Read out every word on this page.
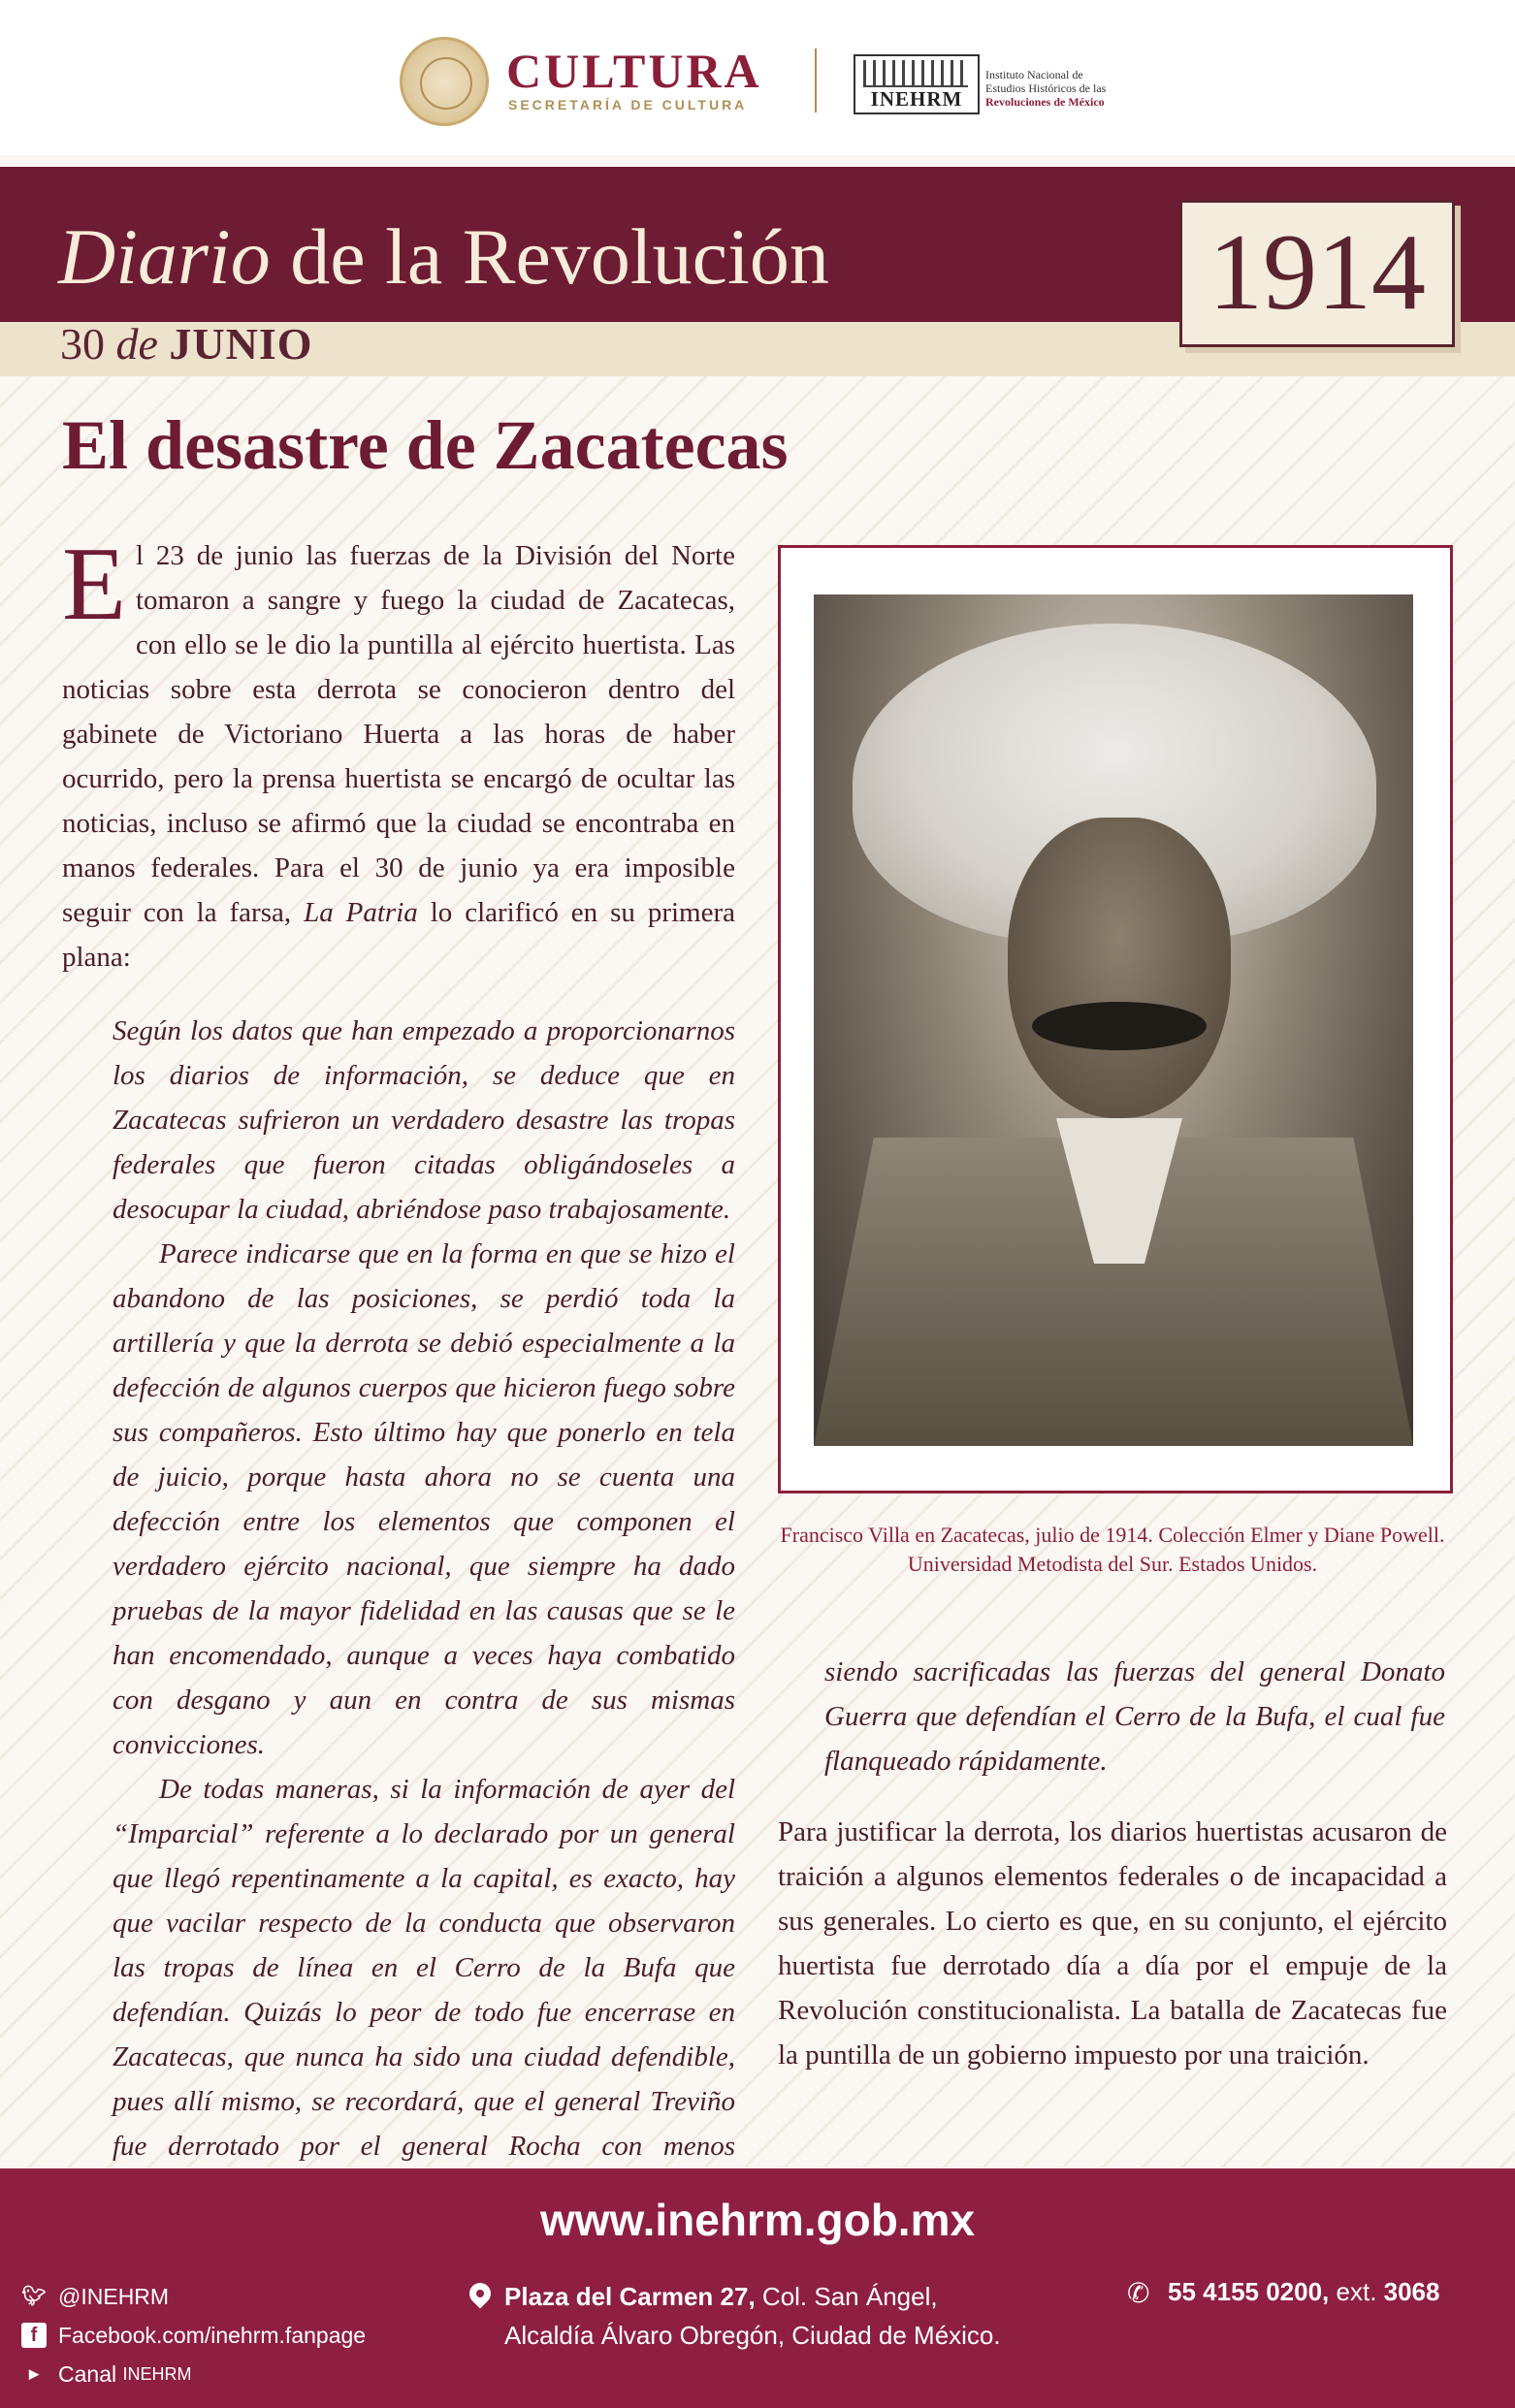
CULTURA
SECRETARÍA DE CULTURA	INEHRM
Instituto Nacional de
Estudios Históricos de las
Revoluciones de México
Diario de la Revolución
30 de JUNIO
1914
El desastre de Zacatecas

El 23 de junio las fuerzas de la División del Norte tomaron a sangre y fuego la ciudad de Zacatecas, con ello se le dio la puntilla al ejército huertista. Las noticias sobre esta derrota se conocieron dentro del gabinete de Victoriano Huerta a las horas de haber ocurrido, pero la prensa huertista se encargó de ocultar las noticias, incluso se afirmó que la ciudad se encontraba en manos federales. Para el 30 de junio ya era imposible seguir con la farsa, La Patria lo clarificó en su primera plana:

Según los datos que han empezado a proporcionarnos los diarios de información, se deduce que en Zacatecas sufrieron un verdadero desastre las tropas federales que fueron citadas obligándoseles a desocupar la ciudad, abriéndose paso trabajosamente.

Parece indicarse que en la forma en que se hizo el abandono de las posiciones, se perdió toda la artillería y que la derrota se debió especialmente a la defección de algunos cuerpos que hicieron fuego sobre sus compañeros. Esto último hay que ponerlo en tela de juicio, porque hasta ahora no se cuenta una defección entre los elementos que componen el verdadero ejército nacional, que siempre ha dado pruebas de la mayor fidelidad en las causas que se le han encomendado, aunque a veces haya combatido con desgano y aun en contra de sus mismas convicciones.

De todas maneras, si la información de ayer del “Imparcial” referente a lo declarado por un general que llegó repentinamente a la capital, es exacto, hay que vacilar respecto de la conducta que observaron las tropas de línea en el Cerro de la Bufa que defendían. Quizás lo peor de todo fue encerrase en Zacatecas, que nunca ha sido una ciudad defendible, pues allí mismo, se recordará, que el general Treviño fue derrotado por el general Rocha con menos

Francisco Villa en Zacatecas, julio de 1914. Colección Elmer y Diane Powell. Universidad Metodista del Sur. Estados Unidos.

siendo sacrificadas las fuerzas del general Donato Guerra que defendían el Cerro de la Bufa, el cual fue flanqueado rápidamente.

Para justificar la derrota, los diarios huertistas acusaron de traición a algunos elementos federales o de incapacidad a sus generales. Lo cierto es que, en su conjunto, el ejército huertista fue derrotado día a día por el empuje de la Revolución constitucionalista. La batalla de Zacatecas fue la puntilla de un gobierno impuesto por una traición.

www.inehrm.gob.mx
🐦︎ @INEHRM
f Facebook.com/inehrm.fanpage
▶ Canal
INEHRM
Plaza del Carmen 27, Col. San Ángel,
Alcaldía Álvaro Obregón, Ciudad de México.
✆ 55 4155 0200, ext. 3068
